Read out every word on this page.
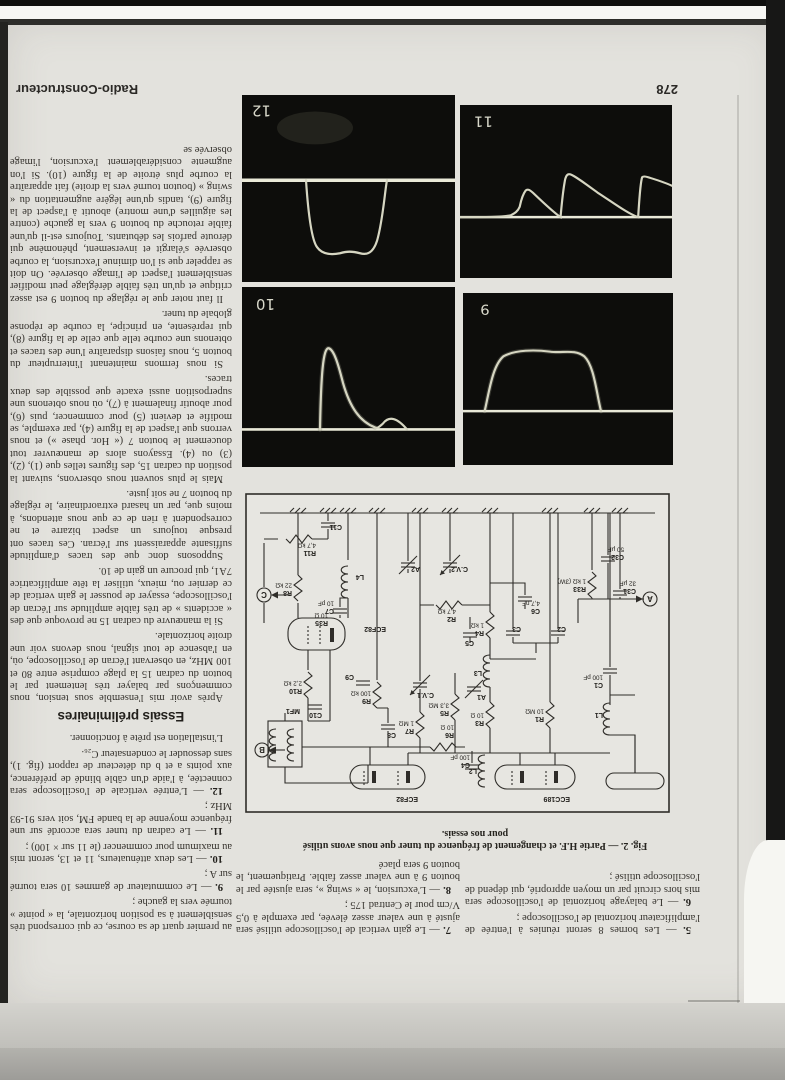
5. — Les bornes 8 seront réunies à l'entrée de l'amplificateur horizontal de l'oscilloscope ;

6. — Le balayage horizontal de l'oscilloscope sera mis hors circuit par un moyen approprié, qui dépend de l'oscilloscope utilisé ;

7. — Le gain vertical de l'oscilloscope utilisé sera ajusté à une valeur assez élevée, par exemple à 0,5 V/cm pour le Centrad 175 ;

8. — L'excursion, le « swing », sera ajustée par le bouton 9 à une valeur assez faible. Pratiquement, le bouton 9 sera placé

Fig. 2. — Partie H.F. et changement de fréquence du tuner que nous avons utilisé
pour nos essais.
ECC189
ECF82
ECF82
MF1
L1
L2
L3
L4
C1
100 pF
C2
C3
C4
100 pF
C5
C6
4,7 nF
C7
10 pF
C8
C9
C10
C11
C31
32 µF
C32
50 µF
C.V.1
C.V.2
A1
A2
R1
10 MΩ
R2
4,7 kΩ
R3
10 Ω
R4
1 kΩ
R5
3,3 MΩ
R6
10 Ω
R7
1 MΩ
R8
22 kΩ
R9
100 kΩ
R10
2,2 kΩ
R11
4,7 kΩ
R33
1 kΩ (3W)
R35
10 Ω
A
B
C
9
10
11
12

au premier quart de sa course, ce qui correspond très sensiblement à sa position horizontale, la « pointe » tournée vers la gauche ;

9. — Le commutateur de gammes 10 sera tourné sur A ;

10. — Les deux atténuateurs, 11 et 13, seront mis au maximum pour commencer (le 11 sur × 100) ;

11. — Le cadran du tuner sera accordé sur une fréquence moyenne de la bande FM, soit vers 91-93 MHz ;

12. — L'entrée verticale de l'oscilloscope sera connectée, à l'aide d'un câble blindé de préférence, aux points a et b du détecteur de rapport (fig. 1), sans dessouder le condensateur C₂₆.

L'installation est prête à fonctionner.

Essais préliminaires

Après avoir mis l'ensemble sous tension, nous commençons par balayer très lentement par le bouton du cadran 15 la plage comprise entre 80 et 100 MHz, en observant l'écran de l'oscilloscope, où, en l'absence de tout signal, nous devons voir une droite horizontale.

Si la manœuvre du cadran 15 ne provoque que des « accidents » de très faible amplitude sur l'écran de l'oscilloscope, essayer de pousser le gain vertical de ce dernier ou, mieux, utiliser la tête amplificatrice 7A1, qui procure un gain de 10.

Supposons donc que des traces d'amplitude suffisante apparaissent sur l'écran. Ces traces ont presque toujours un aspect bizarre et ne correspondent à rien de ce que nous attendons, à moins que, par un hasard extraordinaire, le réglage du bouton 7 ne soit juste.

Mais le plus souvent nous observons, suivant la position du cadran 15, des figures telles que (1), (2), (3) ou (4). Essayons alors de manœuvrer tout doucement le bouton 7 (« Hor. phase ») et nous verrons que l'aspect de la figure (4), par exemple, se modifie et devient (5) pour commencer, puis (6), pour aboutir finalement à (7), où nous obtenons une superposition aussi exacte que possible des deux traces.

Si nous fermons maintenant l'interrupteur du bouton 5, nous faisons disparaître l'une des traces et obtenons une courbe telle que celle de la figure (8), qui représente, en principe, la courbe de réponse globale du tuner.

Il faut noter que le réglage du bouton 9 est assez critique et qu'un très faible déréglage peut modifier sensiblement l'aspect de l'image observée. On doit se rappeler que si l'on diminue l'excursion, la courbe observée s'élargit et inversement, phénomène qui déroute parfois les débutants. Toujours est-il qu'une faible retouche du bouton 9 vers la gauche (contre les aiguilles d'une montre) aboutit à l'aspect de la figure (9), tandis qu'une légère augmentation du « swing » (bouton tourné vers la droite) fait apparaître la courbe plus étroite de la figure (10). Si l'on augmente considérablement l'excursion, l'image observée se

278
Radio-Constructeur
